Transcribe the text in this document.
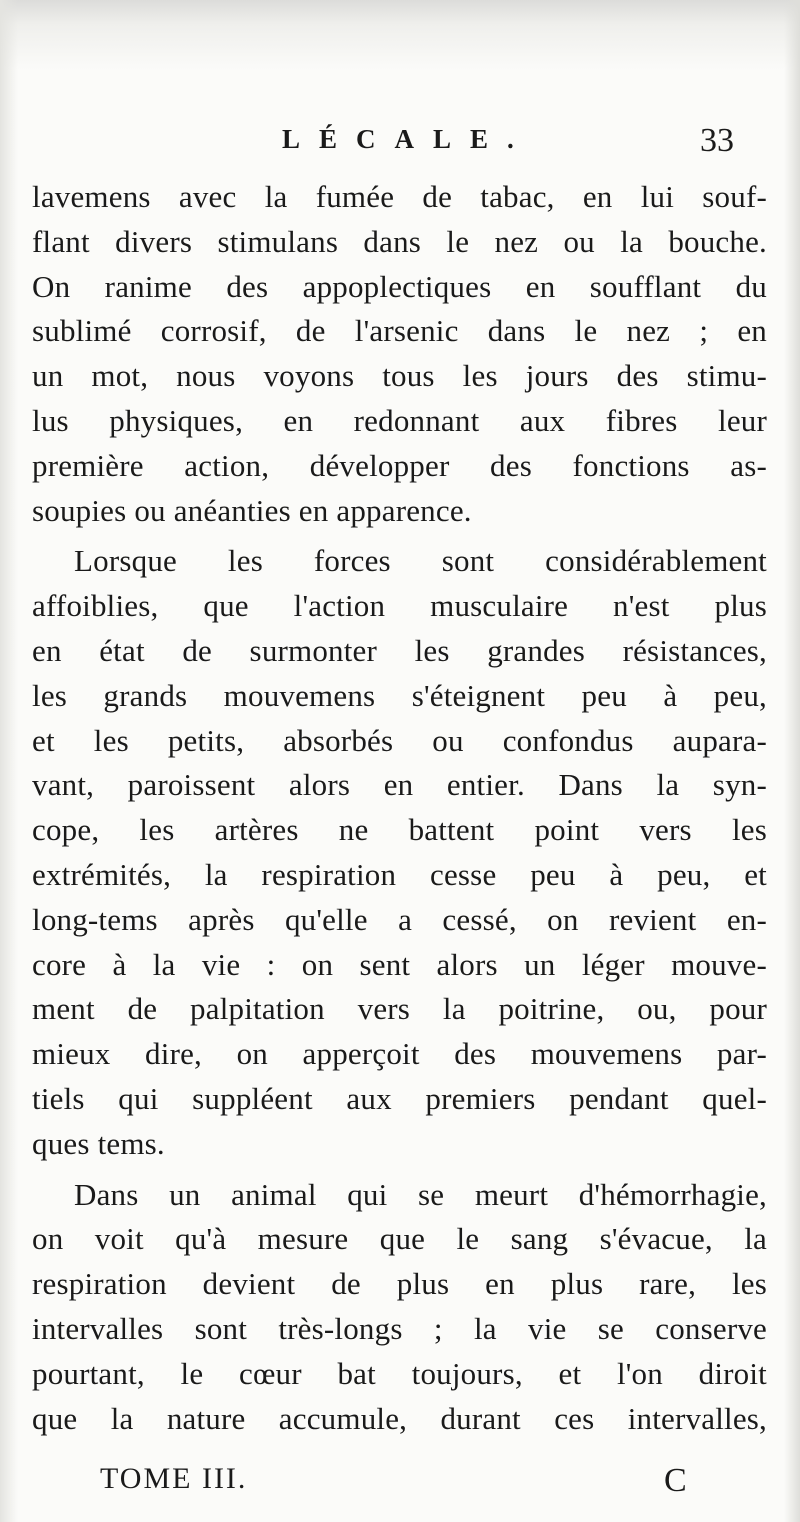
LÉCALE.	33
lavemens avec la fumée de tabac, en lui souf-
flant divers stimulans dans le nez ou la bouche.
On ranime des appoplectiques en soufflant du
sublimé corrosif, de l'arsenic dans le nez ; en
un mot, nous voyons tous les jours des stimu-
lus physiques, en redonnant aux fibres leur
première action, développer des fonctions as-
soupies ou anéanties en apparence.
Lorsque les forces sont considérablement
affoiblies, que l'action musculaire n'est plus
en état de surmonter les grandes résistances,
les grands mouvemens s'éteignent peu à peu,
et les petits, absorbés ou confondus aupara-
vant, paroissent alors en entier. Dans la syn-
cope, les artères ne battent point vers les
extrémités, la respiration cesse peu à peu, et
long-tems après qu'elle a cessé, on revient en-
core à la vie : on sent alors un léger mouve-
ment de palpitation vers la poitrine, ou, pour
mieux dire, on apperçoit des mouvemens par-
tiels qui suppléent aux premiers pendant quel-
ques tems.
Dans un animal qui se meurt d'hémorrhagie,
on voit qu'à mesure que le sang s'évacue, la
respiration devient de plus en plus rare, les
intervalles sont très-longs ; la vie se conserve
pourtant, le cœur bat toujours, et l'on diroit
que la nature accumule, durant ces intervalles,
TOME III.	C
